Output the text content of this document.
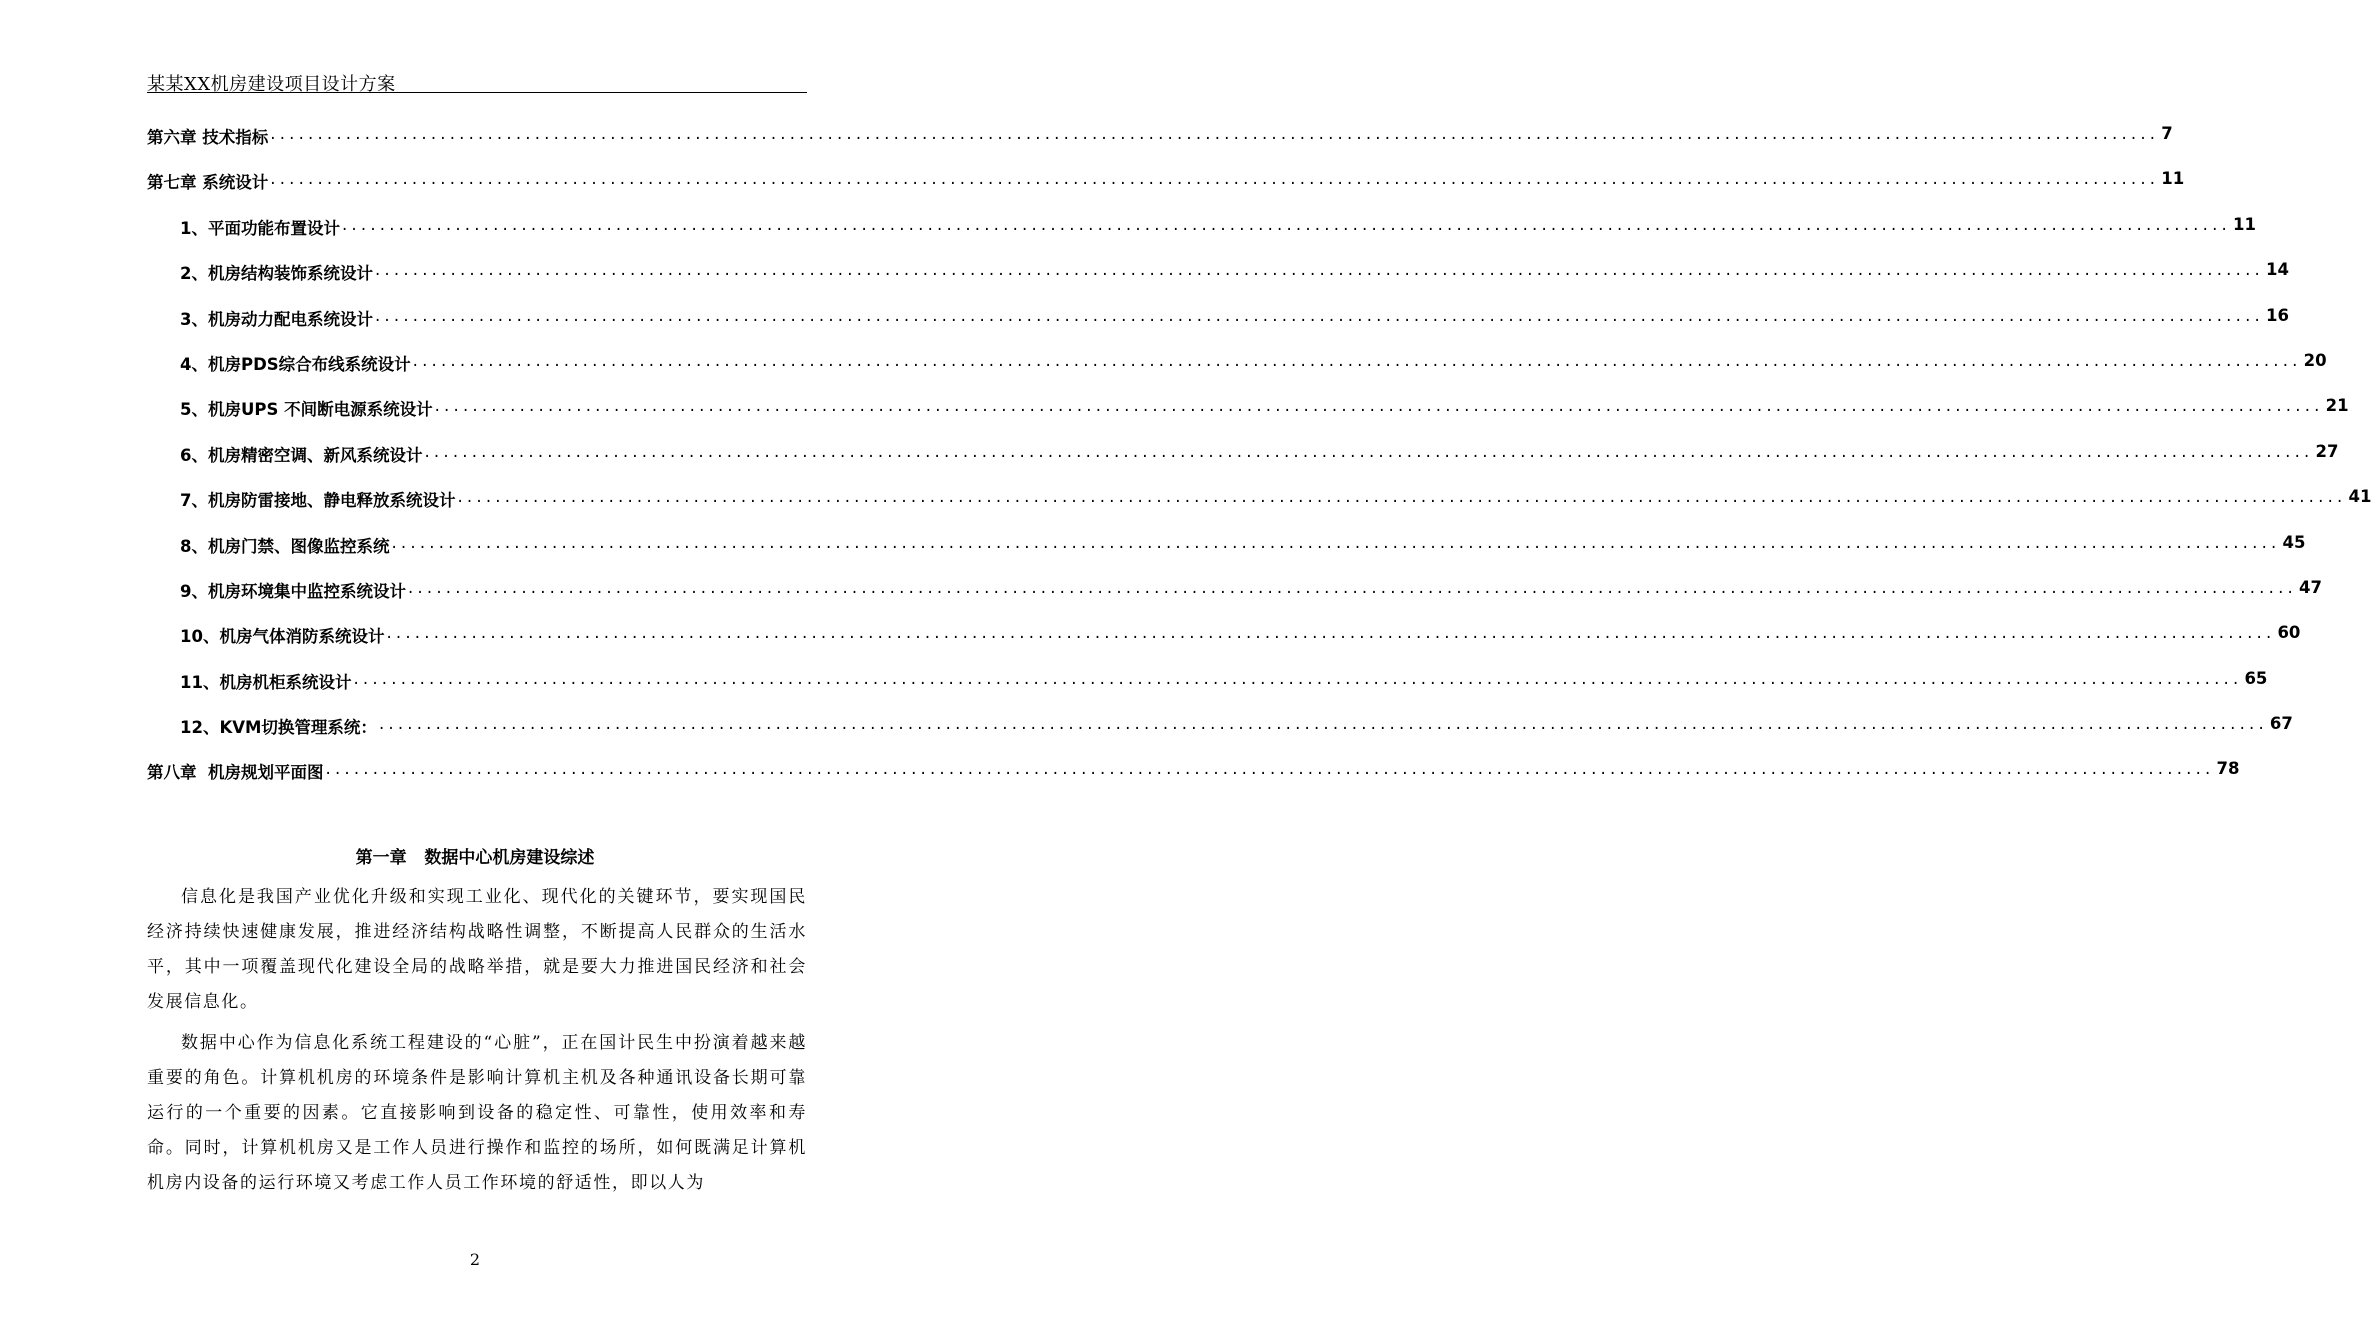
某某XX机房建设项目设计方案
第六章 技术指标 ........................................................................................................................................................................................................ 7
第七章 系统设计 ........................................................................................................................................................................................................ 11
1、平面功能布置设计 ........................................................................................................................................................................................................ 11
2、机房结构装饰系统设计 ........................................................................................................................................................................................................ 14
3、机房动力配电系统设计 ........................................................................................................................................................................................................ 16
4、机房PDS综合布线系统设计 ........................................................................................................................................................................................................ 20
5、机房UPS 不间断电源系统设计 ........................................................................................................................................................................................................ 21
6、机房精密空调、新风系统设计 ........................................................................................................................................................................................................ 27
7、机房防雷接地、静电释放系统设计 ........................................................................................................................................................................................................ 41
8、机房门禁、图像监控系统 ........................................................................................................................................................................................................ 45
9、机房环境集中监控系统设计 ........................................................................................................................................................................................................ 47
10、机房气体消防系统设计 ........................................................................................................................................................................................................ 60
11、机房机柜系统设计 ........................................................................................................................................................................................................ 65
12、KVM切换管理系统： ........................................................................................................................................................................................................ 67
第八章  机房规划平面图 ........................................................................................................................................................................................................ 78
第一章   数据中心机房建设综述

信息化是我国产业优化升级和实现工业化、现代化的关键环节，要实现国民经济持续快速健康发展，推进经济结构战略性调整，不断提高人民群众的生活水平，其中一项覆盖现代化建设全局的战略举措，就是要大力推进国民经济和社会发展信息化。

数据中心作为信息化系统工程建设的“心脏”，正在国计民生中扮演着越来越重要的角色。计算机机房的环境条件是影响计算机主机及各种通讯设备长期可靠运行的一个重要的因素。它直接影响到设备的稳定性、可靠性，使用效率和寿命。同时，计算机机房又是工作人员进行操作和监控的场所，如何既满足计算机机房内设备的运行环境又考虑工作人员工作环境的舒适性，即以人为

2
